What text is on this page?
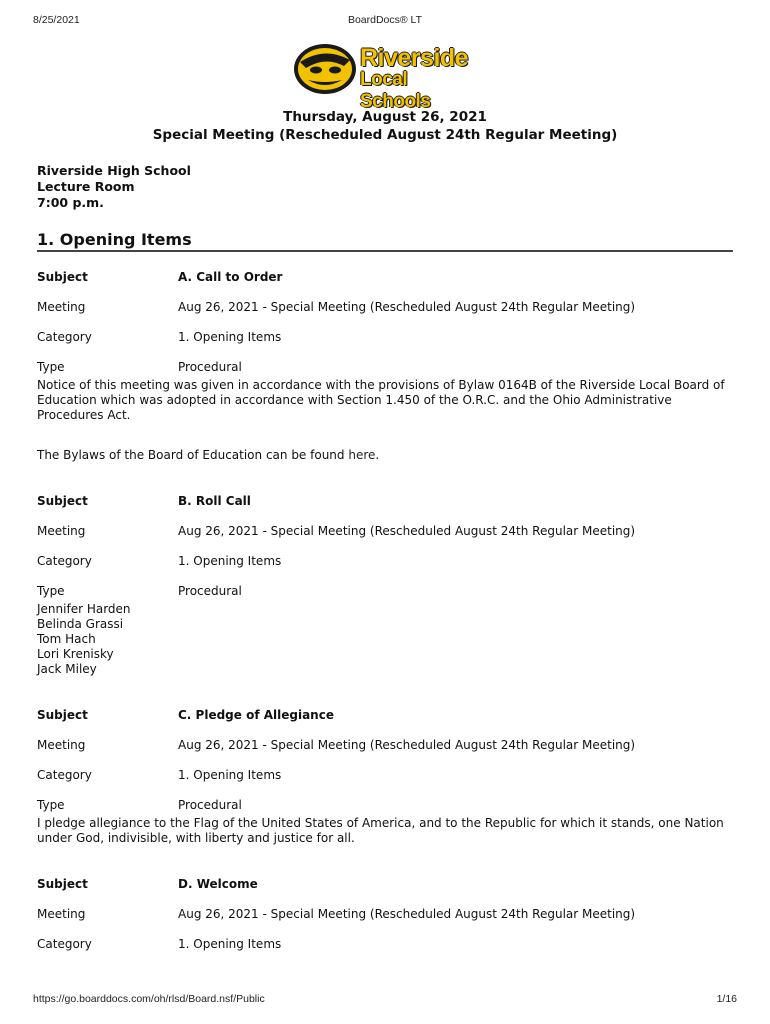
8/25/2021	BoardDocs® LT
Riverside
Local Schools
Thursday, August 26, 2021
Special Meeting (Rescheduled August 24th Regular Meeting)
Riverside High School
Lecture Room
7:00 p.m.
1. Opening Items
Subject	A. Call to Order
Meeting	Aug 26, 2021 - Special Meeting (Rescheduled August 24th Regular Meeting)
Category	1. Opening Items
Type	Procedural

Notice of this meeting was given in accordance with the provisions of Bylaw 0164B of the Riverside Local Board of Education which was adopted in accordance with Section 1.450 of the O.R.C. and the Ohio Administrative Procedures Act.

The Bylaws of the Board of Education can be found here.

Subject	B. Roll Call
Meeting	Aug 26, 2021 - Special Meeting (Rescheduled August 24th Regular Meeting)
Category	1. Opening Items
Type	Procedural
Jennifer Harden
Belinda Grassi
Tom Hach
Lori Krenisky
Jack Miley
Subject	C. Pledge of Allegiance
Meeting	Aug 26, 2021 - Special Meeting (Rescheduled August 24th Regular Meeting)
Category	1. Opening Items
Type	Procedural

I pledge allegiance to the Flag of the United States of America, and to the Republic for which it stands, one Nation under God, indivisible, with liberty and justice for all.

Subject	D. Welcome
Meeting	Aug 26, 2021 - Special Meeting (Rescheduled August 24th Regular Meeting)
Category	1. Opening Items
https://go.boarddocs.com/oh/rlsd/Board.nsf/Public	1/16
